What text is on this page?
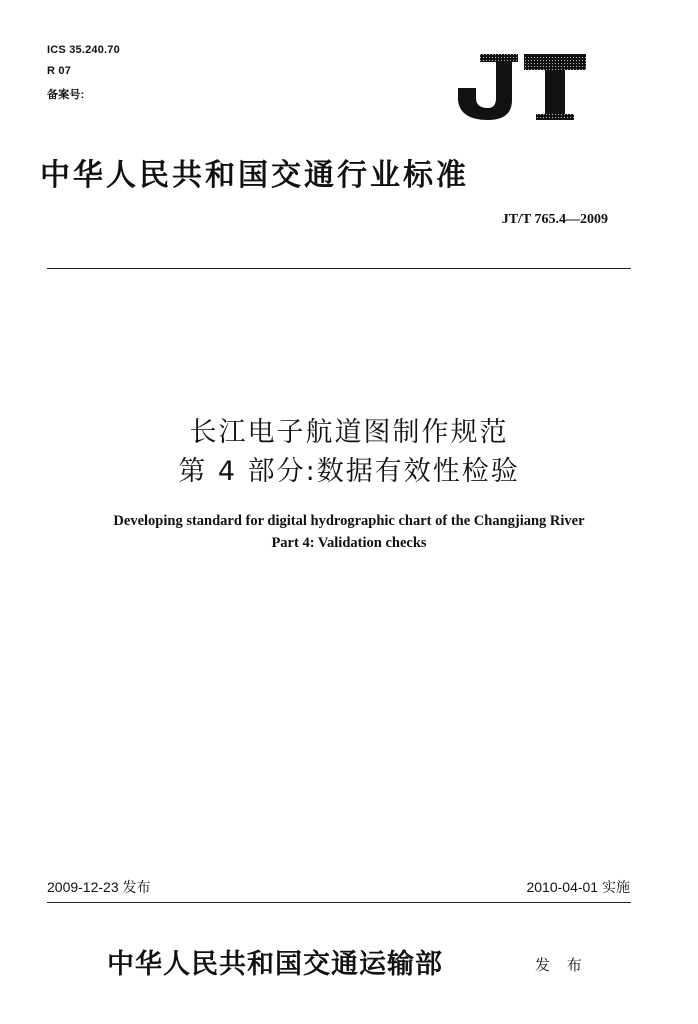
ICS 35.240.70
R 07
备案号:
JT
中华人民共和国交通行业标准
JT/T 765.4—2009
长江电子航道图制作规范
第 4 部分:数据有效性检验
Developing standard for digital hydrographic chart of the Changjiang River
Part 4: Validation checks
2009-12-23 发布	2010-04-01 实施
中华人民共和国交通运输部	发 布
